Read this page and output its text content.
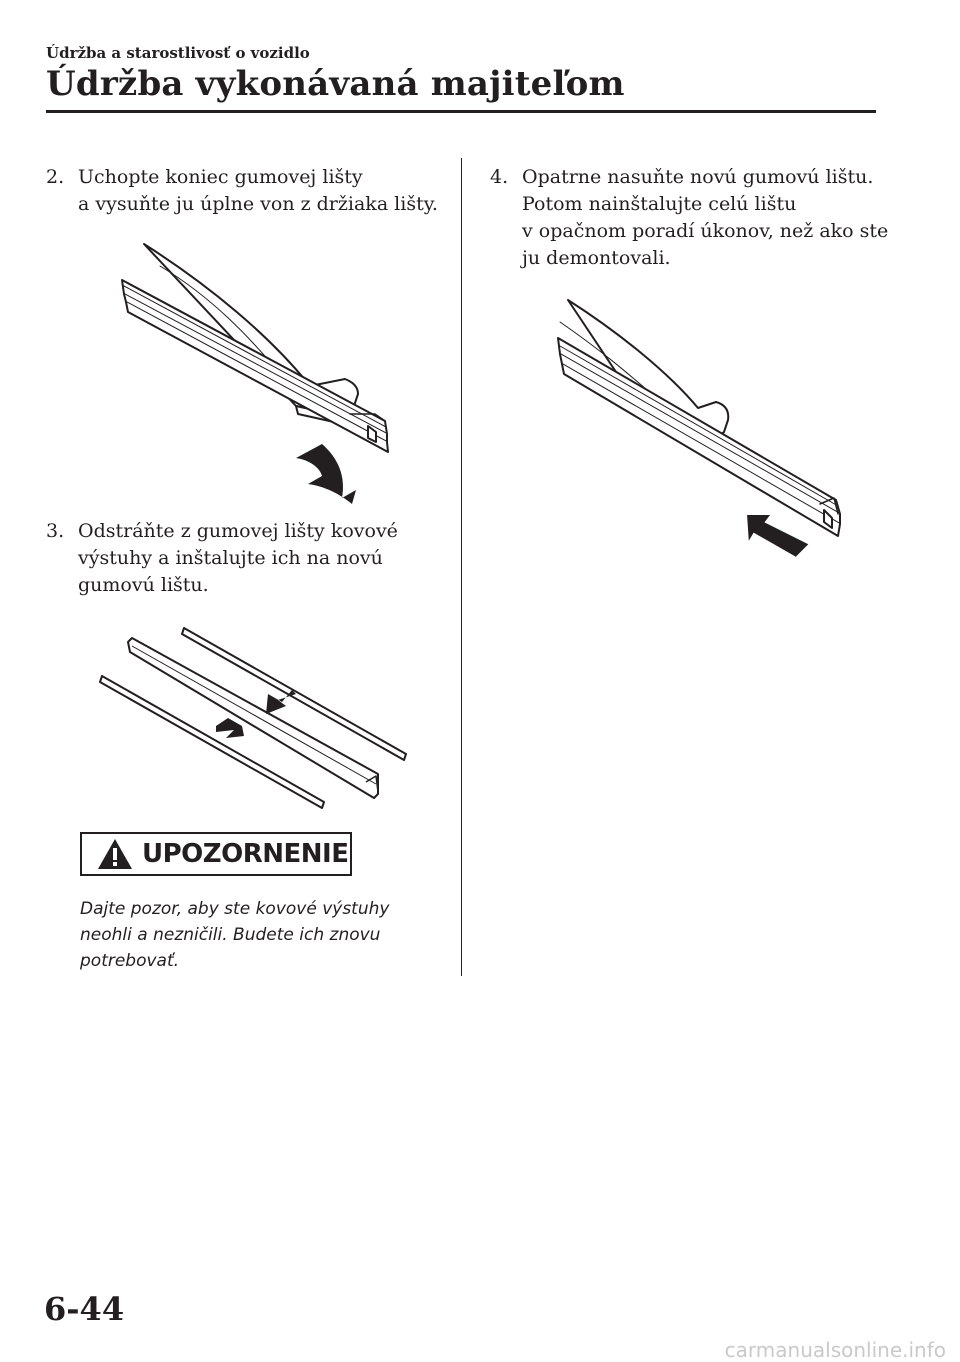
Údržba a starostlivosť o vozidlo
Údržba vykonávaná majiteľom
2. Uchopte koniec gumovej lišty
a vysuňte ju úplne von z držiaka lišty.
3. Odstráňte z gumovej lišty kovové
výstuhy a inštalujte ich na novú
gumovú lištu.
UPOZORNENIE
Dajte pozor, aby ste kovové výstuhy
neohli a nezničili. Budete ich znovu
potrebovať.
4. Opatrne nasuňte novú gumovú lištu.
Potom nainštalujte celú lištu
v opačnom poradí úkonov, než ako ste
ju demontovali.
6-44
carmanualsonline.info
